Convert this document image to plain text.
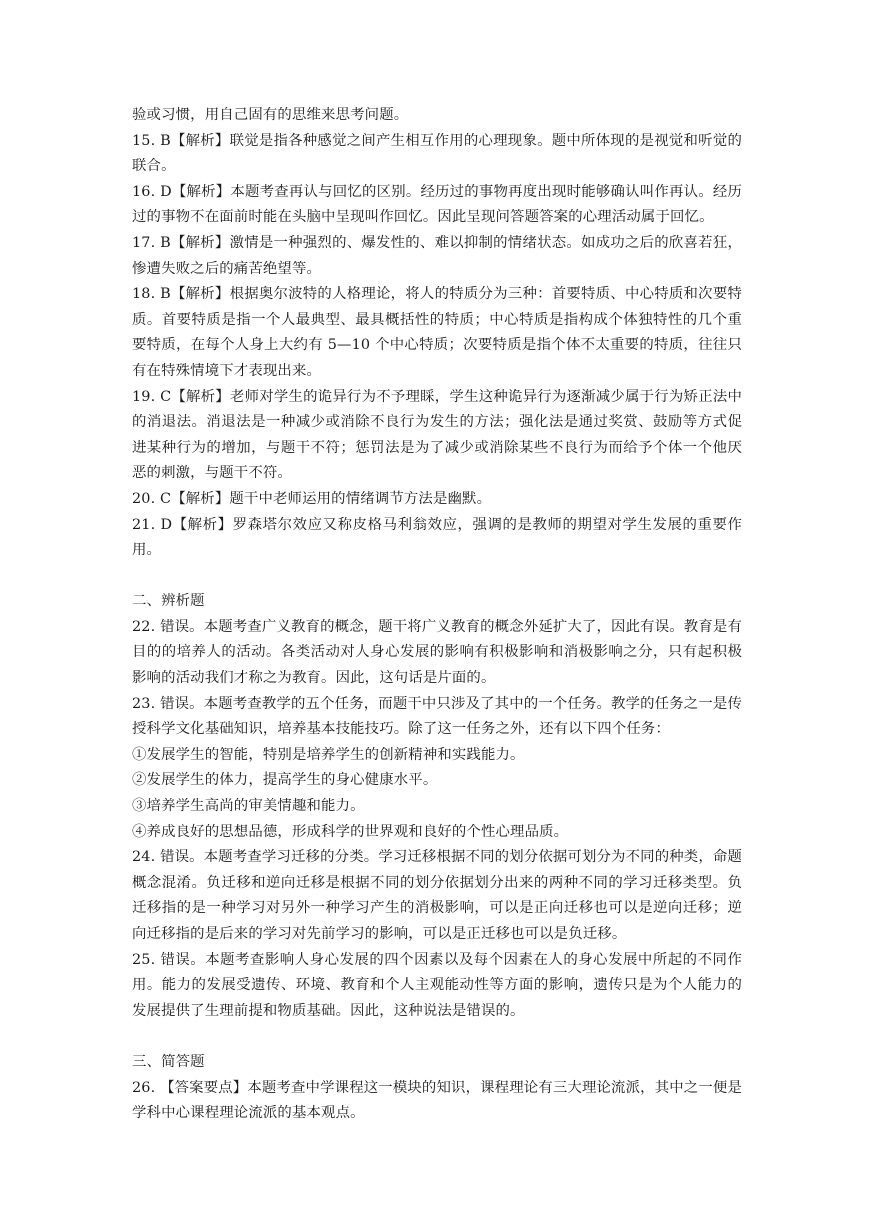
验或习惯，用自己固有的思维来思考问题。

15. B【解析】联觉是指各种感觉之间产生相互作用的心理现象。题中所体现的是视觉和听觉的联合。

16. D【解析】本题考查再认与回忆的区别。经历过的事物再度出现时能够确认叫作再认。经历过的事物不在面前时能在头脑中呈现叫作回忆。因此呈现问答题答案的心理活动属于回忆。

17. B【解析】激情是一种强烈的、爆发性的、难以抑制的情绪状态。如成功之后的欣喜若狂，惨遭失败之后的痛苦绝望等。

18. B【解析】根据奥尔波特的人格理论，将人的特质分为三种：首要特质、中心特质和次要特质。首要特质是指一个人最典型、最具概括性的特质；中心特质是指构成个体独特性的几个重要特质，在每个人身上大约有 5—10 个中心特质；次要特质是指个体不太重要的特质，往往只有在特殊情境下才表现出来。

19. C【解析】老师对学生的诡异行为不予理睬，学生这种诡异行为逐渐减少属于行为矫正法中的消退法。消退法是一种减少或消除不良行为发生的方法；强化法是通过奖赏、鼓励等方式促进某种行为的增加，与题干不符；惩罚法是为了减少或消除某些不良行为而给予个体一个他厌恶的刺激，与题干不符。

20. C【解析】题干中老师运用的情绪调节方法是幽默。

21. D【解析】罗森塔尔效应又称皮格马利翁效应，强调的是教师的期望对学生发展的重要作用。

二、辨析题

22. 错误。本题考查广义教育的概念，题干将广义教育的概念外延扩大了，因此有误。教育是有目的的培养人的活动。各类活动对人身心发展的影响有积极影响和消极影响之分，只有起积极影响的活动我们才称之为教育。因此，这句话是片面的。

23. 错误。本题考查教学的五个任务，而题干中只涉及了其中的一个任务。教学的任务之一是传授科学文化基础知识，培养基本技能技巧。除了这一任务之外，还有以下四个任务：

①发展学生的智能，特别是培养学生的创新精神和实践能力。

②发展学生的体力，提高学生的身心健康水平。

③培养学生高尚的审美情趣和能力。

④养成良好的思想品德，形成科学的世界观和良好的个性心理品质。

24. 错误。本题考查学习迁移的分类。学习迁移根据不同的划分依据可划分为不同的种类，命题概念混淆。负迁移和逆向迁移是根据不同的划分依据划分出来的两种不同的学习迁移类型。负迁移指的是一种学习对另外一种学习产生的消极影响，可以是正向迁移也可以是逆向迁移；逆向迁移指的是后来的学习对先前学习的影响，可以是正迁移也可以是负迁移。

25. 错误。本题考查影响人身心发展的四个因素以及每个因素在人的身心发展中所起的不同作用。能力的发展受遗传、环境、教育和个人主观能动性等方面的影响，遗传只是为个人能力的发展提供了生理前提和物质基础。因此，这种说法是错误的。

三、简答题

26. 【答案要点】本题考查中学课程这一模块的知识，课程理论有三大理论流派，其中之一便是学科中心课程理论流派的基本观点。
